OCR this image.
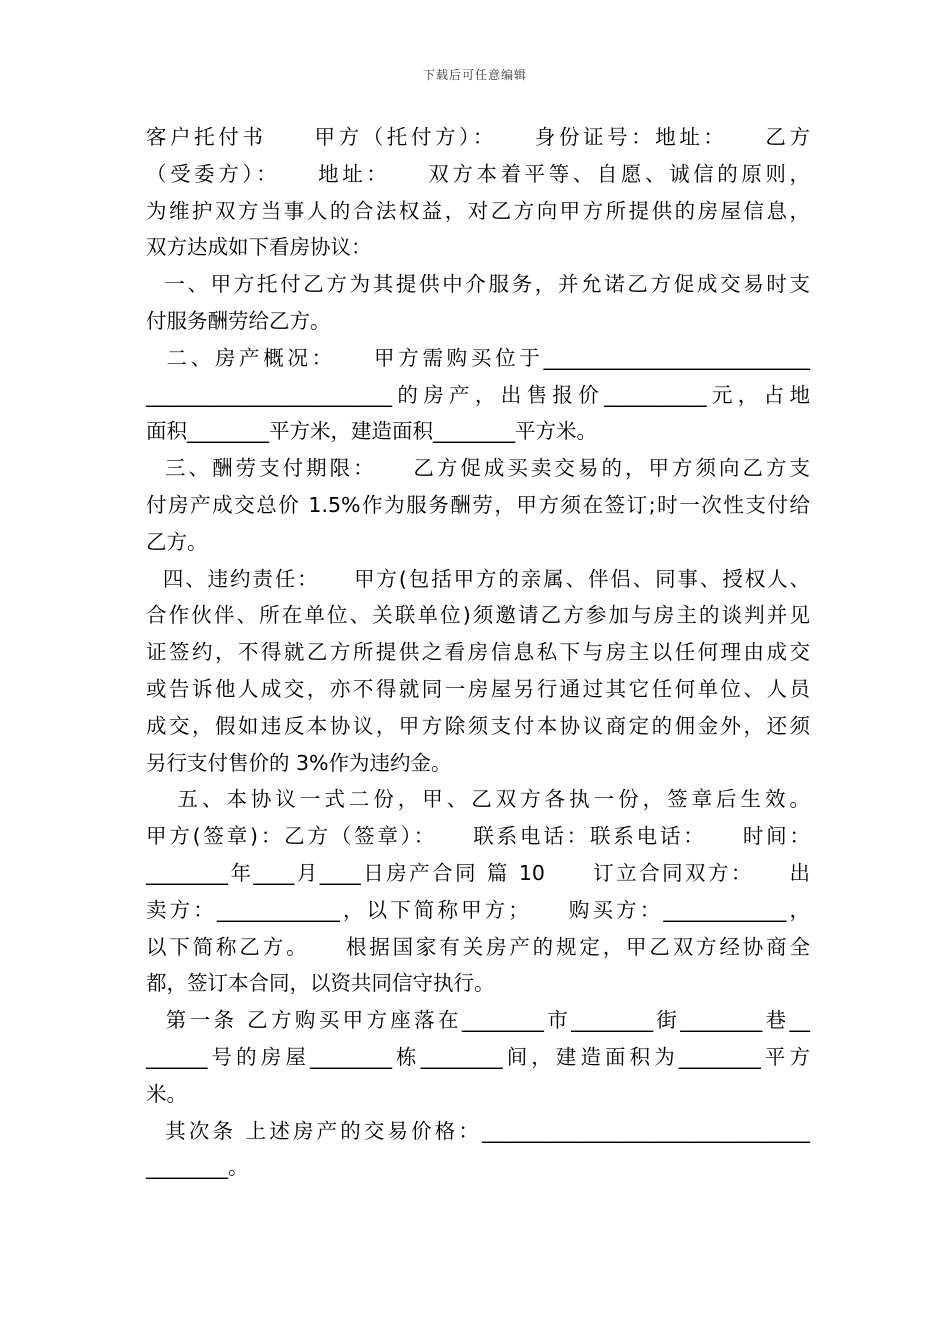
下载后可任意编辑
客户托付书　　甲方（托付方）：　　身份证号：地址：　　乙方
（受委方）：　　地址：　　双方本着平等、自愿、诚信的原则，
为维护双方当事人的合法权益，对乙方向甲方所提供的房屋信息，
双方达成如下看房协议：
一、甲方托付乙方为其提供中介服务，并允诺乙方促成交易时支
付服务酬劳给乙方。
二、房产概况：　　甲方需购买位于__________________________
________________________的房产，出售报价__________元，占地
面积________平方米，建造面积________平方米。
三、酬劳支付期限：　　乙方促成买卖交易的，甲方须向乙方支
付房产成交总价 1.5%作为服务酬劳，甲方须在签订;时一次性支付给
乙方。
四、违约责任：　　甲方(包括甲方的亲属、伴侣、同事、授权人、
合作伙伴、所在单位、关联单位)须邀请乙方参加与房主的谈判并见
证签约，不得就乙方所提供之看房信息私下与房主以任何理由成交
或告诉他人成交，亦不得就同一房屋另行通过其它任何单位、人员
成交，假如违反本协议，甲方除须支付本协议商定的佣金外，还须
另行支付售价的 3%作为违约金。
五、本协议一式二份，甲、乙双方各执一份，签章后生效。
甲方(签章)：乙方（签章）：　　联系电话：联系电话：　　时间：
________年____月____日房产合同 篇 10　　订立合同双方：　　出
卖方：____________，以下简称甲方；　　购买方：____________，
以下简称乙方。　　根据国家有关房产的规定，甲乙双方经协商全
都，签订本合同，以资共同信守执行。
第一条 乙方购买甲方座落在________市________街________巷__
______号的房屋________栋________间，建造面积为________平方
米。
其次条 上述房产的交易价格：________________________________
________。
